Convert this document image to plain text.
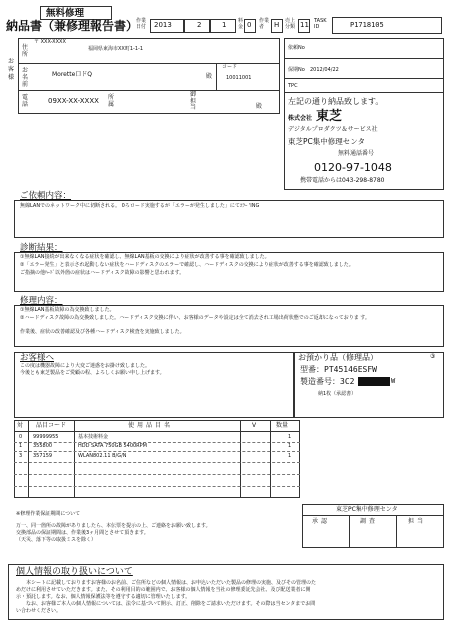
無料修理
納品書（兼修理報告書）
作業日付 2013	2	1 料金 0 作業者	H 売上分類 11 TASK ID	P1718105
お客様
住所
〒 XXX-XXXX
福岡県東海市XX町1-1-1
お名前
Morette口ドQ	殿
コード
10011001
電話	09XX-XX-XXXX 所属
御担当	殿
依頼No
保期No 2012/04/22
TPC
左記の通り納品致します。
株式会社 東芝
デジタルプロダクツ＆サービス社
東芝PC集中修理センタ
無料通話番号
0120-97-1048
携帯電話からは043-298-8780
ご依頼内容：
無線LANでのネットワーク中に切断される。 0ろロード実施するが「エラーが発生しました」にてｴﾗｰ 'ING
診断結果：
①無線LAN接続が出来なくなる症状を確認し、無線LAN基板の交換により症状が改善する事を確認致しました。
②「エラー発生」と表示され起動しない症状をハードディスクのエラーで確認し、ハードディスクの交換により症状が改善する事を確認致しました。
ご指摘の他ﾊｰﾄﾞ以外箇の症状はハードディスク故障の影響と思われます。
修理内容：
①無線LAN基板故障の為交換致しました。
②ハードディスク故障の為交換致しました。ハードディスク交換に伴い、お客様のデータや設定は全て消去され工場出荷状態でのご返却になっておりま す。
作業後、症状の改善確認及び各種ハードディスク検査を実施致しました。
お客様へ
この度は機器故障により大変ご迷惑をお掛け致しました。
今後とも東芝製品をご愛顧の程、よろしくお願い申し上げます。
お預かり品（修理品）	③
型番： PT45146ESFW
製造番号： 3C2	W
納1枚（承認書）
対 品目コード	使用品目名	V	数量
0 99999955	基本技術料金	1
1 355800	HDD SATA 750GB 5400RPM	1
3 357159	WLAN802.11 B/G/N	1
※修理作業保証期間について
万一、同一箇所の故障がありましたら、本伝票を提示の上、ご連絡をお願い致します。
交換部品の保証期間は、作業後3ヶ月間とさせて頂きます。
（天災、落下等の取扱ミスを除く）
東芝PC集中修理センタ
承認	調査	担当
個人情報の取り扱いについて
本シートに記載しておりますお客様のお名前、ご住所などの個人情報は、お申込いただいた製品の修理の実施、及びその管理のた
めだけに利用させていただきます。また、その利用目的の範囲内で、お客様の個人情報を当社の修理委託先会社、及び配送業者に開
示・預託します。なお、個人情報保護法等を遵守する適切に管理いたします。
なお、お客様ご本人の個人情報については、法令に基づいて開示、訂正、削除をご請求いただけます。その際は当センタまでお問
い合わせください。
